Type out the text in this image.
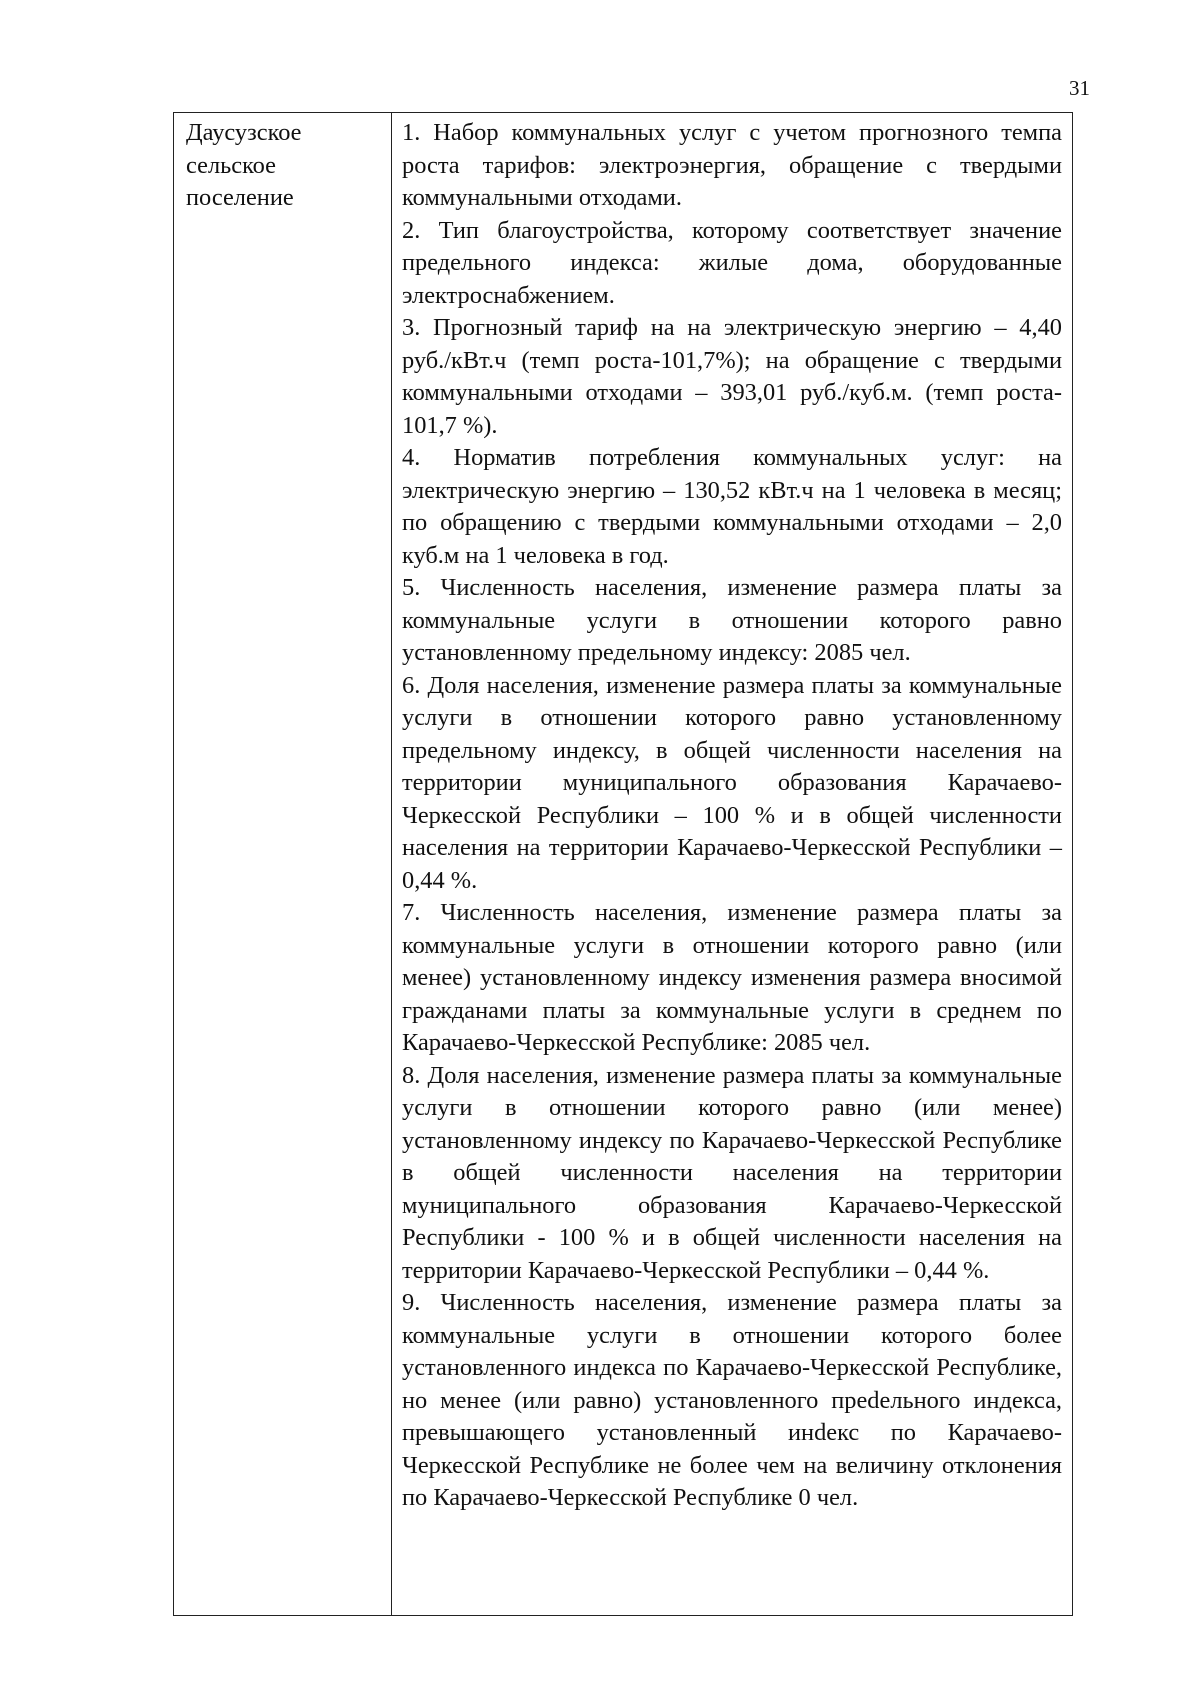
31
Даусузское сельское поселение

1. Набор коммунальных услуг с учетом прогнозного темпа роста тарифов: электроэнергия, обращение с твердыми коммунальными отходами.
2. Тип благоустройства, которому соответствует значение предельного индекса: жилые дома, оборудованные электроснабжением.
3. Прогнозный тариф на на электрическую энергию – 4,40 руб./кВт.ч (темп роста-101,7%); на обращение с твердыми коммунальными отходами – 393,01 руб./куб.м. (темп роста- 101,7 %).
4. Норматив потребления коммунальных услуг: на электрическую энергию – 130,52 кВт.ч на 1 человека в месяц; по обращению с твердыми коммунальными отходами – 2,0 куб.м на 1 человека в год.
5. Численность населения, изменение размера платы за коммунальные услуги в отношении которого равно установленному предельному индексу: 2085 чел.
6. Доля населения, изменение размера платы за коммунальные услуги в отношении которого равно установленному предельному индексу, в общей численности населения на территории муниципального образования Карачаево-Черкесской Республики – 100 % и в общей численности населения на территории Карачаево-Черкесской Республики – 0,44 %.
7. Численность населения, изменение размера платы за коммунальные услуги в отношении которого равно (или менее) установленному индексу изменения размера вносимой гражданами платы за коммунальные услуги в среднем по Карачаево-Черкесской Республике: 2085 чел.
8. Доля населения, изменение размера платы за коммунальные услуги в отношении которого равно (или менее) установленному индексу по Карачаево-Черкесской Республике в общей численности населения на территории муниципального образования Карачаево-Черкесской Республики - 100 % и в общей численности населения на территории Карачаево-Черкесской Республики – 0,44 %.
9. Численность населения, изменение размера платы за коммунальные услуги в отношении которого более установленного индекса по Карачаево-Черкесской Республике, но менее (или равно) установленного преdельного индекса, превышающего установленный инdекс по Карачаево-Черкесской Республике не более чем на величину отклонения по Карачаево-Черкесской Республике 0 чел.
